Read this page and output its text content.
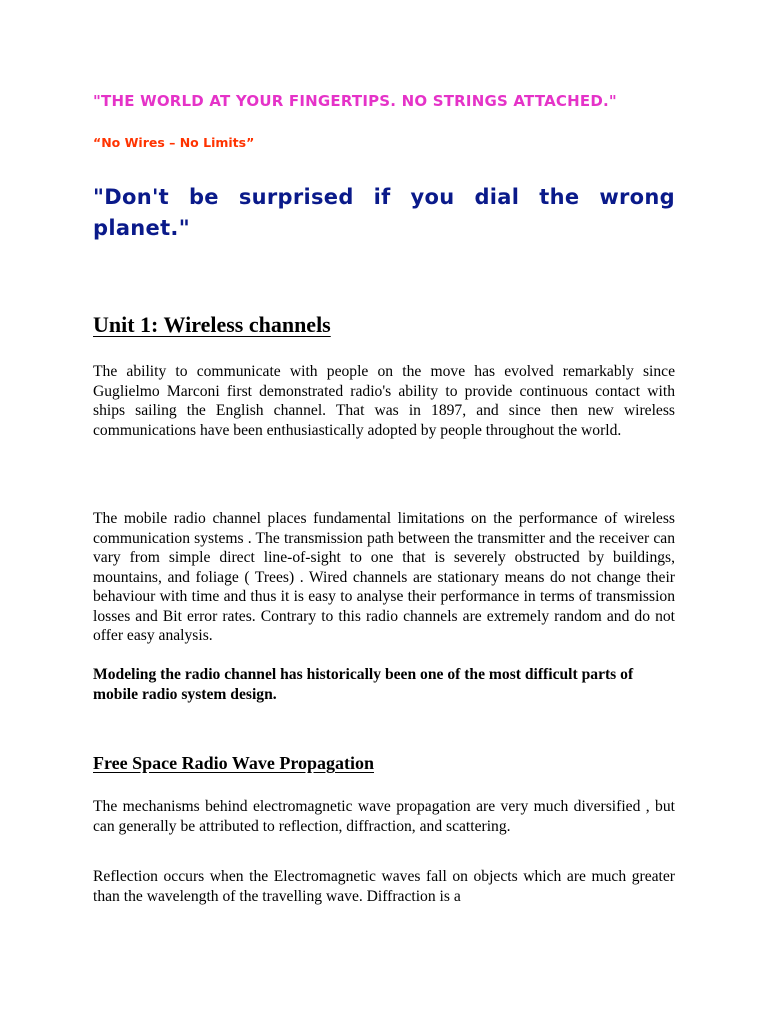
"THE WORLD AT YOUR FINGERTIPS. NO STRINGS ATTACHED."

“No Wires – No Limits”

"Don't be surprised if you dial the wrong planet."

Unit 1: Wireless channels

The ability to communicate with people on the move has evolved remarkably since Guglielmo Marconi first demonstrated radio's ability to provide continuous contact with ships sailing the English channel. That was in 1897, and since then new wireless communications have been enthusiastically adopted by people throughout the world.

The mobile radio channel places fundamental limitations on the performance of wireless communication systems . The transmission path between the transmitter and the receiver can vary from simple direct line-of-sight to one that is severely obstructed by buildings, mountains, and foliage ( Trees) . Wired channels are stationary means do not change their behaviour with time and thus it is easy to analyse their performance in terms of transmission losses and Bit error rates. Contrary to this radio channels are extremely random and do not offer easy analysis.

Modeling the radio channel has historically been one of the most difficult parts of mobile radio system design.

Free Space Radio Wave Propagation

The mechanisms behind electromagnetic wave propagation are very much diversified , but can generally be attributed to reflection, diffraction, and scattering.

Reflection occurs when the Electromagnetic waves fall on objects which are much greater than the wavelength of the travelling wave. Diffraction is a
